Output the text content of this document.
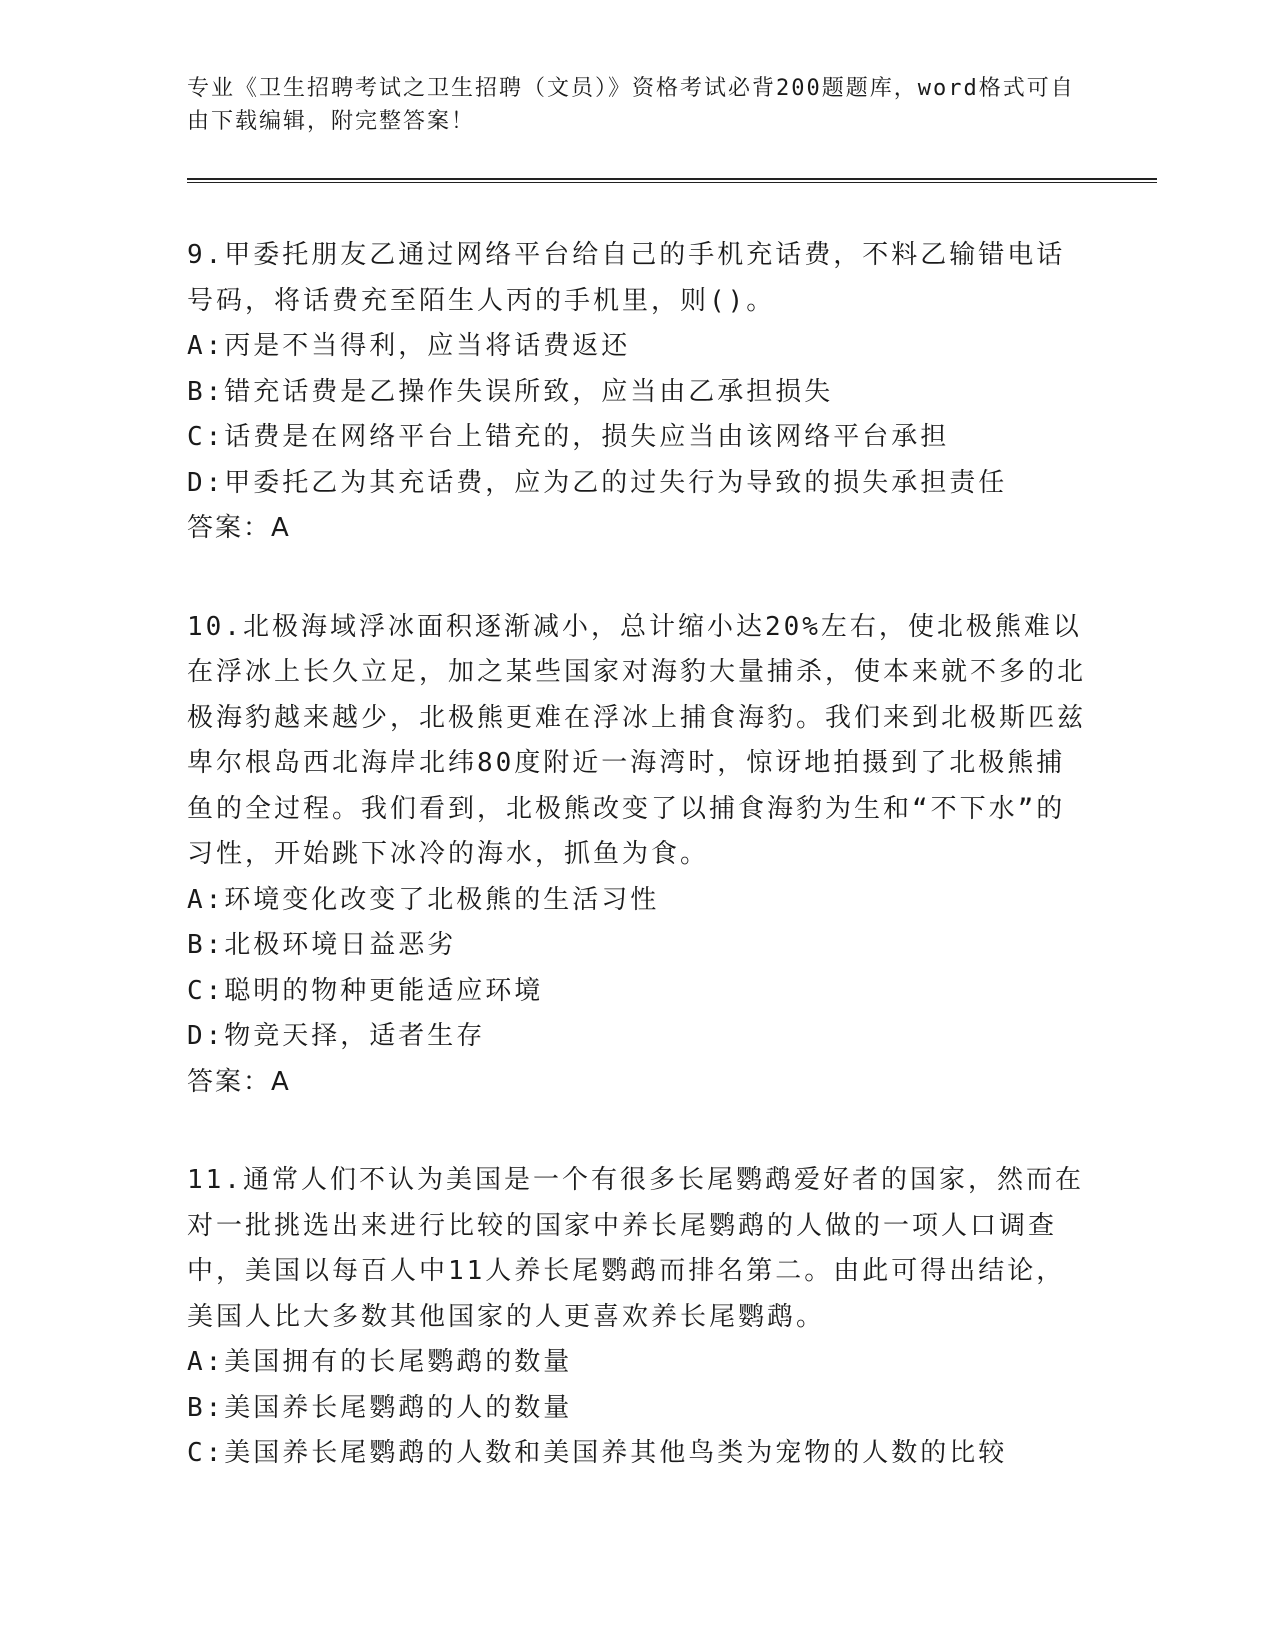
专业《卫生招聘考试之卫生招聘（文员）》资格考试必背200题题库，word格式可自由下载编辑，附完整答案！

9.甲委托朋友乙通过网络平台给自己的手机充话费，不料乙输错电话号码，将话费充至陌生人丙的手机里，则()。

A:丙是不当得利，应当将话费返还

B:错充话费是乙操作失误所致，应当由乙承担损失

C:话费是在网络平台上错充的，损失应当由该网络平台承担

D:甲委托乙为其充话费，应为乙的过失行为导致的损失承担责任

答案：A

10.北极海域浮冰面积逐渐减小，总计缩小达20%左右，使北极熊难以在浮冰上长久立足，加之某些国家对海豹大量捕杀，使本来就不多的北极海豹越来越少，北极熊更难在浮冰上捕食海豹。我们来到北极斯匹兹卑尔根岛西北海岸北纬80度附近一海湾时，惊讶地拍摄到了北极熊捕鱼的全过程。我们看到，北极熊改变了以捕食海豹为生和“不下水”的习性，开始跳下冰冷的海水，抓鱼为食。

A:环境变化改变了北极熊的生活习性

B:北极环境日益恶劣

C:聪明的物种更能适应环境

D:物竞天择，适者生存

答案：A

11.通常人们不认为美国是一个有很多长尾鹦鹉爱好者的国家，然而在对一批挑选出来进行比较的国家中养长尾鹦鹉的人做的一项人口调查中，美国以每百人中11人养长尾鹦鹉而排名第二。由此可得出结论，美国人比大多数其他国家的人更喜欢养长尾鹦鹉。

A:美国拥有的长尾鹦鹉的数量

B:美国养长尾鹦鹉的人的数量

C:美国养长尾鹦鹉的人数和美国养其他鸟类为宠物的人数的比较
